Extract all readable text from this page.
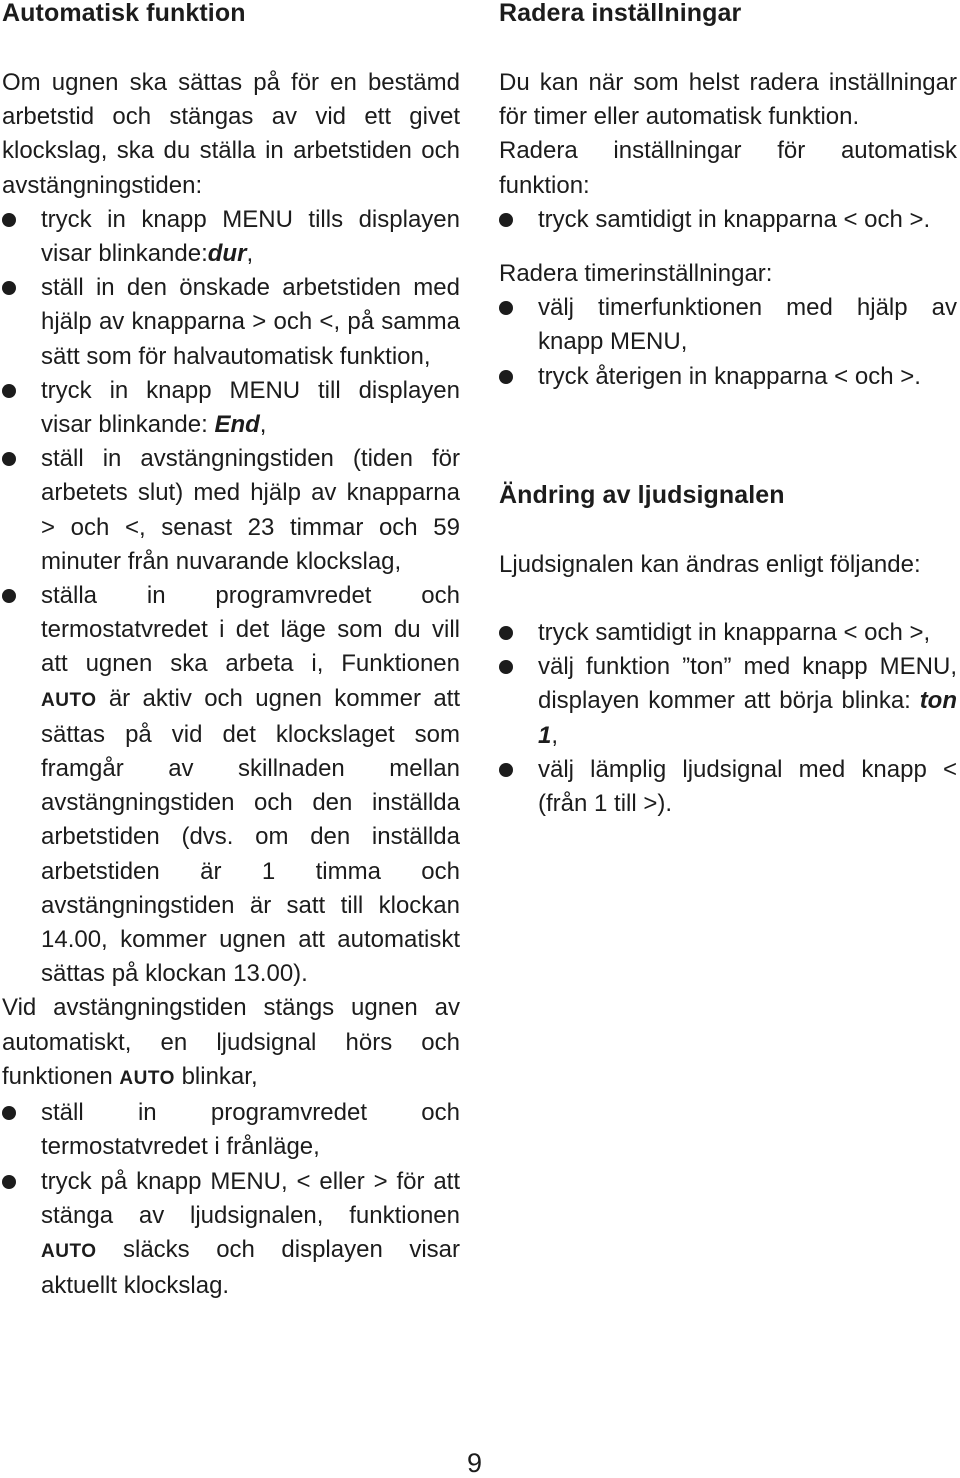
Automatisk funktion

Om ugnen ska sättas på för en bestämd arbetstid och stängas av vid ett givet klockslag, ska du ställa in arbetstiden och avstängningstiden:

tryck in knapp MENU tills displayen visar blinkande:dur,
ställ in den önskade arbetstiden med hjälp av knapparna > och <, på samma sätt som för halvautomatisk funktion,
tryck in knapp MENU till displayen visar blinkande: End,
ställ in avstängningstiden (tiden för arbetets slut) med hjälp av knapparna > och <, senast 23 timmar och 59 minuter från nuvarande klockslag,
ställa in programvredet och termostatvredet i det läge som du vill att ugnen ska arbeta i, Funktionen AUTO är aktiv och ugnen kommer att sättas på vid det klockslaget som framgår av skillnaden mellan avstängningstiden och den inställda arbetstiden (dvs. om den inställda arbetstiden är 1 timma och avstängningstiden är satt till klockan 14.00, kommer ugnen att automatiskt sättas på klockan 13.00).

Vid avstängningstiden stängs ugnen av automatiskt, en ljudsignal hörs och funktionen AUTO blinkar,

ställ in programvredet och termostatvredet i frånläge,
tryck på knapp MENU, < eller > för att stänga av ljudsignalen, funktionen AUTO släcks och displayen visar aktuellt klockslag.
Radera inställningar

Du kan när som helst radera inställningar för timer eller automatisk funktion.

Radera inställningar för automatisk funktion:

tryck samtidigt in knapparna < och >.

Radera timerinställningar:

välj timerfunktionen med hjälp av knapp MENU,
tryck återigen in knapparna < och >.
Ändring av ljudsignalen

Ljudsignalen kan ändras enligt följande:

tryck samtidigt in knapparna < och >,
välj funktion ”ton” med knapp MENU, displayen kommer att börja blinka: ton 1,
välj lämplig ljudsignal med knapp < (från 1 till >).
9
